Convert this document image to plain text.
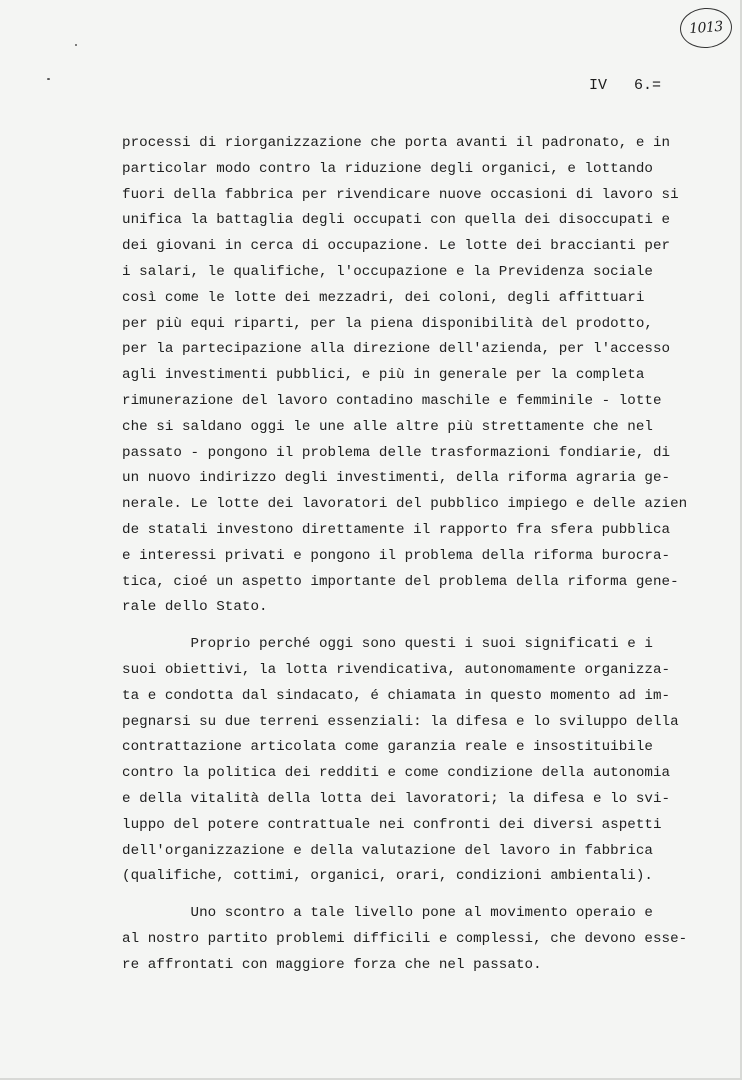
1013
IV   6.=
processi di riorganizzazione che porta avanti il padronato, e in
particolar modo contro la riduzione degli organici, e lottando
fuori della fabbrica per rivendicare nuove occasioni di lavoro si
unifica la battaglia degli occupati con quella dei disoccupati e
dei giovani in cerca di occupazione. Le lotte dei braccianti per
i salari, le qualifiche, l'occupazione e la Previdenza sociale
così come le lotte dei mezzadri, dei coloni, degli affittuari
per più equi riparti, per la piena disponibilità del prodotto,
per la partecipazione alla direzione dell'azienda, per l'accesso
agli investimenti pubblici, e più in generale per la completa
rimunerazione del lavoro contadino maschile e femminile - lotte
che si saldano oggi le une alle altre più strettamente che nel
passato - pongono il problema delle trasformazioni fondiarie, di
un nuovo indirizzo degli investimenti, della riforma agraria ge-
nerale. Le lotte dei lavoratori del pubblico impiego e delle azien
de statali investono direttamente il rapporto fra sfera pubblica
e interessi privati e pongono il problema della riforma burocra-
tica, cioé un aspetto importante del problema della riforma gene-
rale dello Stato.
Proprio perché oggi sono questi i suoi significati e i
suoi obiettivi, la lotta rivendicativa, autonomamente organizza-
ta e condotta dal sindacato, é chiamata in questo momento ad im-
pegnarsi su due terreni essenziali: la difesa e lo sviluppo della
contrattazione articolata come garanzia reale e insostituibile
contro la politica dei redditi e come condizione della autonomia
e della vitalità della lotta dei lavoratori; la difesa e lo svi-
luppo del potere contrattuale nei confronti dei diversi aspetti
dell'organizzazione e della valutazione del lavoro in fabbrica
(qualifiche, cottimi, organici, orari, condizioni ambientali).
Uno scontro a tale livello pone al movimento operaio e
al nostro partito problemi difficili e complessi, che devono esse-
re affrontati con maggiore forza che nel passato.
